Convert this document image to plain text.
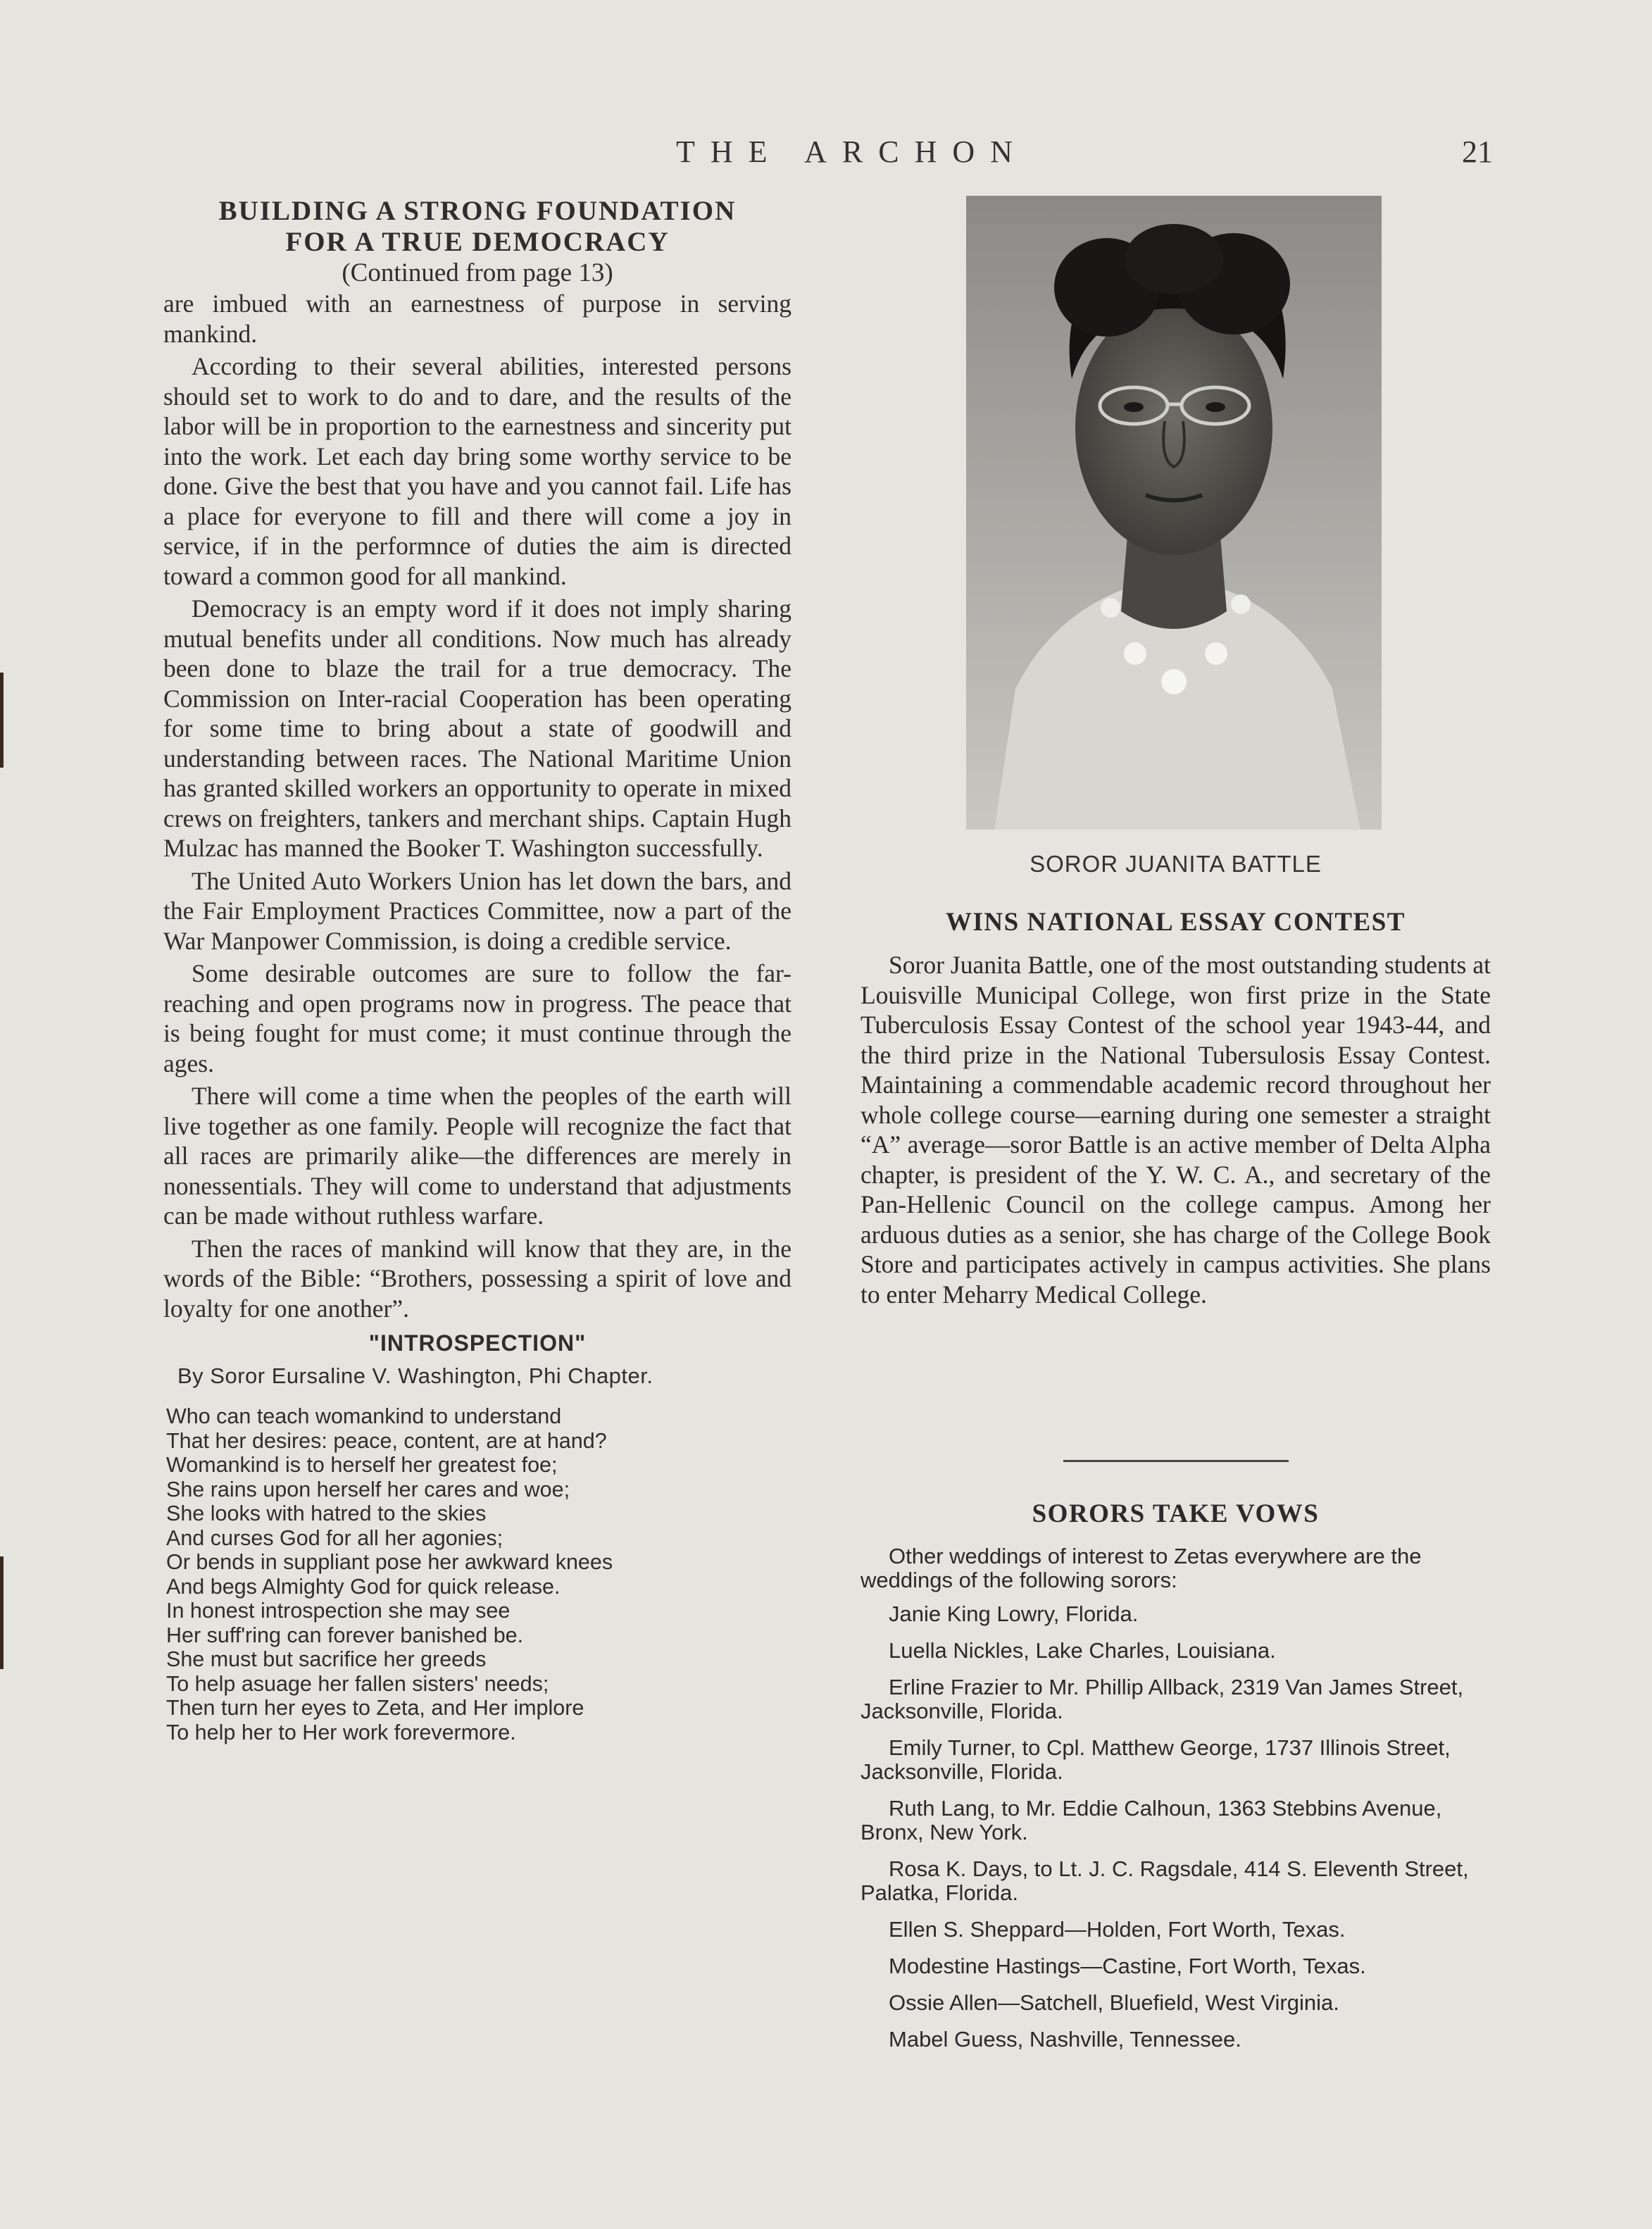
THE ARCHON	21

BUILDING A STRONG FOUNDATION

FOR A TRUE DEMOCRACY

(Continued from page 13)

are imbued with an earnestness of purpose in serving mankind.

According to their several abilities, interested persons should set to work to do and to dare, and the results of the labor will be in proportion to the earnestness and sincerity put into the work. Let each day bring some worthy service to be done. Give the best that you have and you cannot fail. Life has a place for everyone to fill and there will come a joy in service, if in the performnce of duties the aim is directed toward a common good for all mankind.

Democracy is an empty word if it does not imply sharing mutual benefits under all conditions. Now much has already been done to blaze the trail for a true democracy. The Commission on Inter-racial Cooperation has been operating for some time to bring about a state of goodwill and understanding between races. The National Maritime Union has granted skilled workers an opportunity to operate in mixed crews on freighters, tankers and merchant ships. Captain Hugh Mulzac has manned the Booker T. Washington successfully.

The United Auto Workers Union has let down the bars, and the Fair Employment Practices Committee, now a part of the War Manpower Commission, is doing a credible service.

Some desirable outcomes are sure to follow the far-reaching and open programs now in progress. The peace that is being fought for must come; it must continue through the ages.

There will come a time when the peoples of the earth will live together as one family. People will recognize the fact that all races are primarily alike—the differences are merely in nonessentials. They will come to understand that adjustments can be made without ruthless warfare.

Then the races of mankind will know that they are, in the words of the Bible: “Brothers, possessing a spirit of love and loyalty for one another”.

"INTROSPECTION"

By Soror Eursaline V. Washington, Phi Chapter.

Who can teach womankind to understand

That her desires: peace, content, are at hand?

Womankind is to herself her greatest foe;

She rains upon herself her cares and woe;

She looks with hatred to the skies

And curses God for all her agonies;

Or bends in suppliant pose her awkward knees

And begs Almighty God for quick release.

In honest introspection she may see

Her suff'ring can forever banished be.

She must but sacrifice her greeds

To help asuage her fallen sisters' needs;

Then turn her eyes to Zeta, and Her implore

To help her to Her work forevermore.

SOROR JUANITA BATTLE

WINS NATIONAL ESSAY CONTEST

Soror Juanita Battle, one of the most outstanding students at Louisville Municipal College, won first prize in the State Tuberculosis Essay Contest of the school year 1943-44, and the third prize in the National Tubersulosis Essay Contest. Maintaining a commendable academic record throughout her whole college course—earning during one semester a straight “A” average—soror Battle is an active member of Delta Alpha chapter, is president of the Y. W. C. A., and secretary of the Pan-Hellenic Council on the college campus. Among her arduous duties as a senior, she has charge of the College Book Store and participates actively in campus activities. She plans to enter Meharry Medical College.

SORORS TAKE VOWS

Other weddings of interest to Zetas everywhere are the weddings of the following sorors:

Janie King Lowry, Florida.

Luella Nickles, Lake Charles, Louisiana.

Erline Frazier to Mr. Phillip Allback, 2319 Van James Street, Jacksonville, Florida.

Emily Turner, to Cpl. Matthew George, 1737 Illinois Street, Jacksonville, Florida.

Ruth Lang, to Mr. Eddie Calhoun, 1363 Stebbins Avenue, Bronx, New York.

Rosa K. Days, to Lt. J. C. Ragsdale, 414 S. Eleventh Street, Palatka, Florida.

Ellen S. Sheppard—Holden, Fort Worth, Texas.

Modestine Hastings—Castine, Fort Worth, Texas.

Ossie Allen—Satchell, Bluefield, West Virginia.

Mabel Guess, Nashville, Tennessee.
